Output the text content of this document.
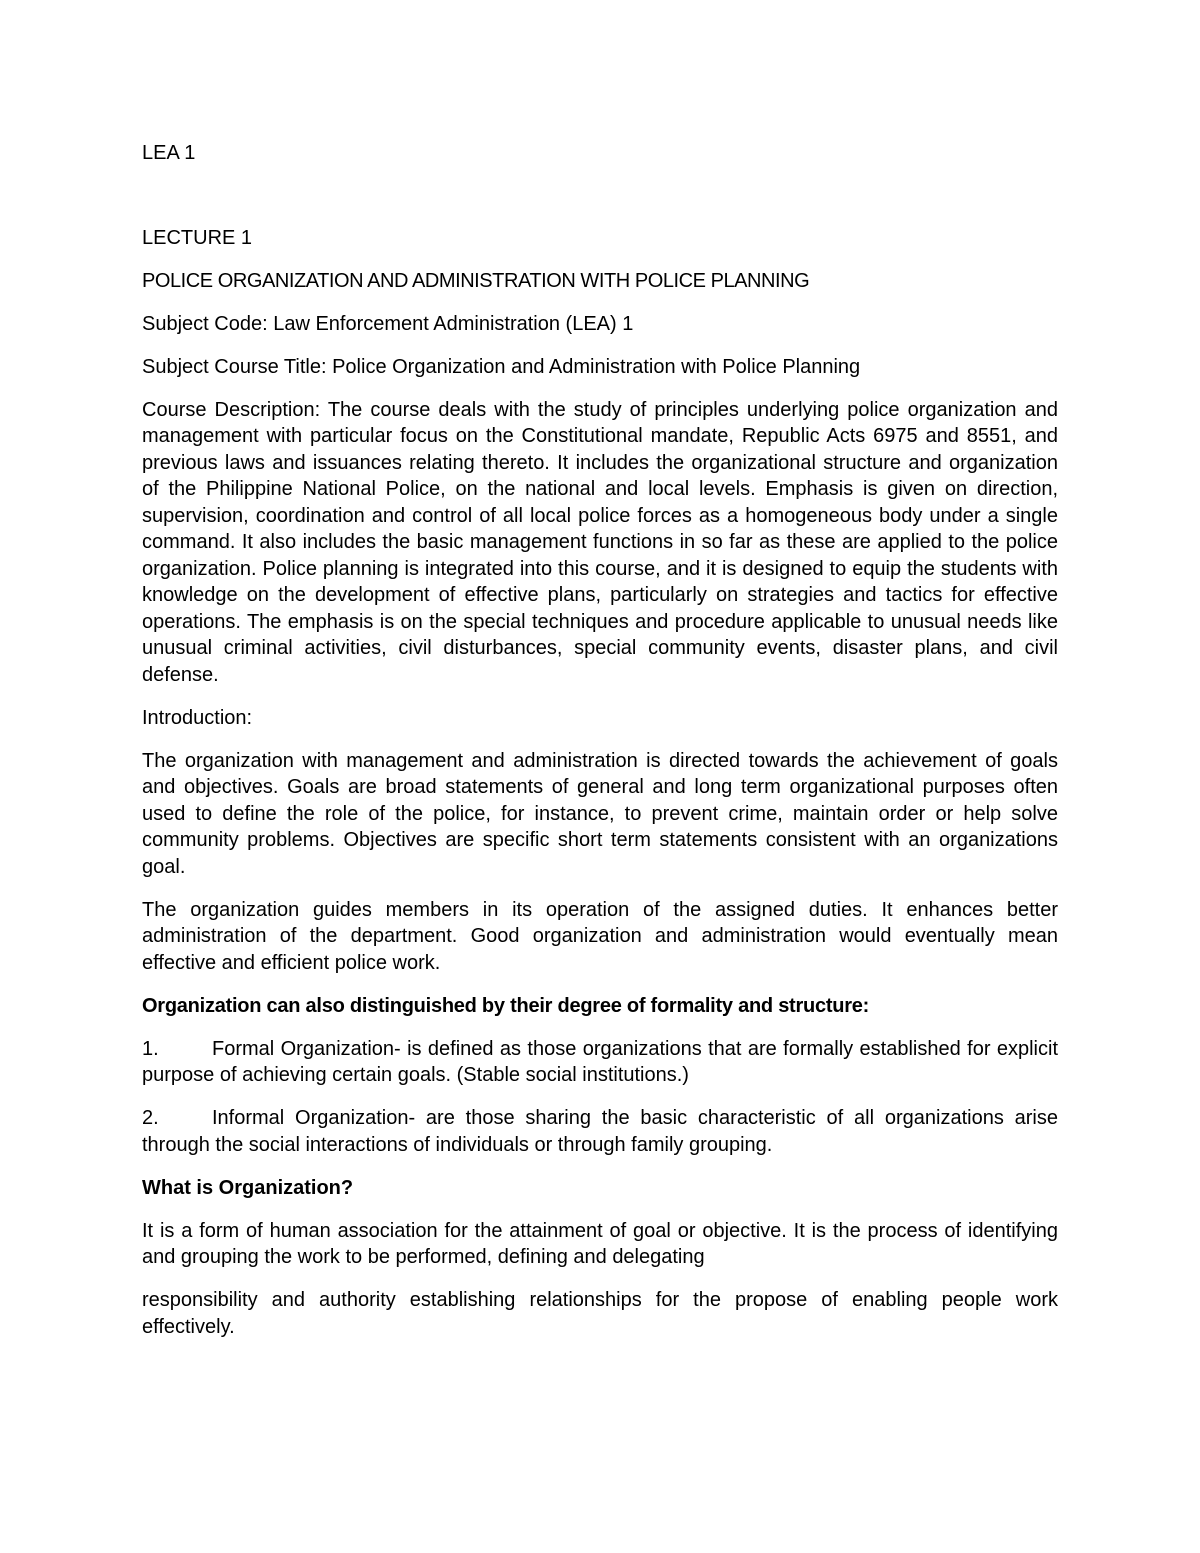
LEA 1
LECTURE 1
POLICE ORGANIZATION AND ADMINISTRATION WITH POLICE PLANNING
Subject Code: Law Enforcement Administration (LEA) 1
Subject Course Title: Police Organization and Administration with Police Planning
Course Description: The course deals with the study of principles underlying police organization and management with particular focus on the Constitutional mandate, Republic Acts 6975 and 8551, and previous laws and issuances relating thereto. It includes the organizational structure and organization of the Philippine National Police, on the national and local levels. Emphasis is given on direction, supervision, coordination and control of all local police forces as a homogeneous body under a single command. It also includes the basic management functions in so far as these are applied to the police organization. Police planning is integrated into this course, and it is designed to equip the students with knowledge on the development of effective plans, particularly on strategies and tactics for effective operations. The emphasis is on the special techniques and procedure applicable to unusual needs like unusual criminal activities, civil disturbances, special community events, disaster plans, and civil defense.
Introduction:
The organization with management and administration is directed towards the achievement of goals and objectives. Goals are broad statements of general and long term organizational purposes often used to define the role of the police, for instance, to prevent crime, maintain order or help solve community problems. Objectives are specific short term statements consistent with an organizations goal.
The organization guides members in its operation of the assigned duties. It enhances better administration of the department. Good organization and administration would eventually mean effective and efficient police work.
Organization can also distinguished by their degree of formality and structure:
1.	Formal Organization- is defined as those organizations that are formally established for explicit purpose of achieving certain goals. (Stable social institutions.)
2.	Informal Organization- are those sharing the basic characteristic of all organizations arise through the social interactions of individuals or through family grouping.
What is Organization?
It is a form of human association for the attainment of goal or objective. It is the process of identifying and grouping the work to be performed, defining and delegating
responsibility and authority establishing relationships for the propose of enabling people work effectively.
